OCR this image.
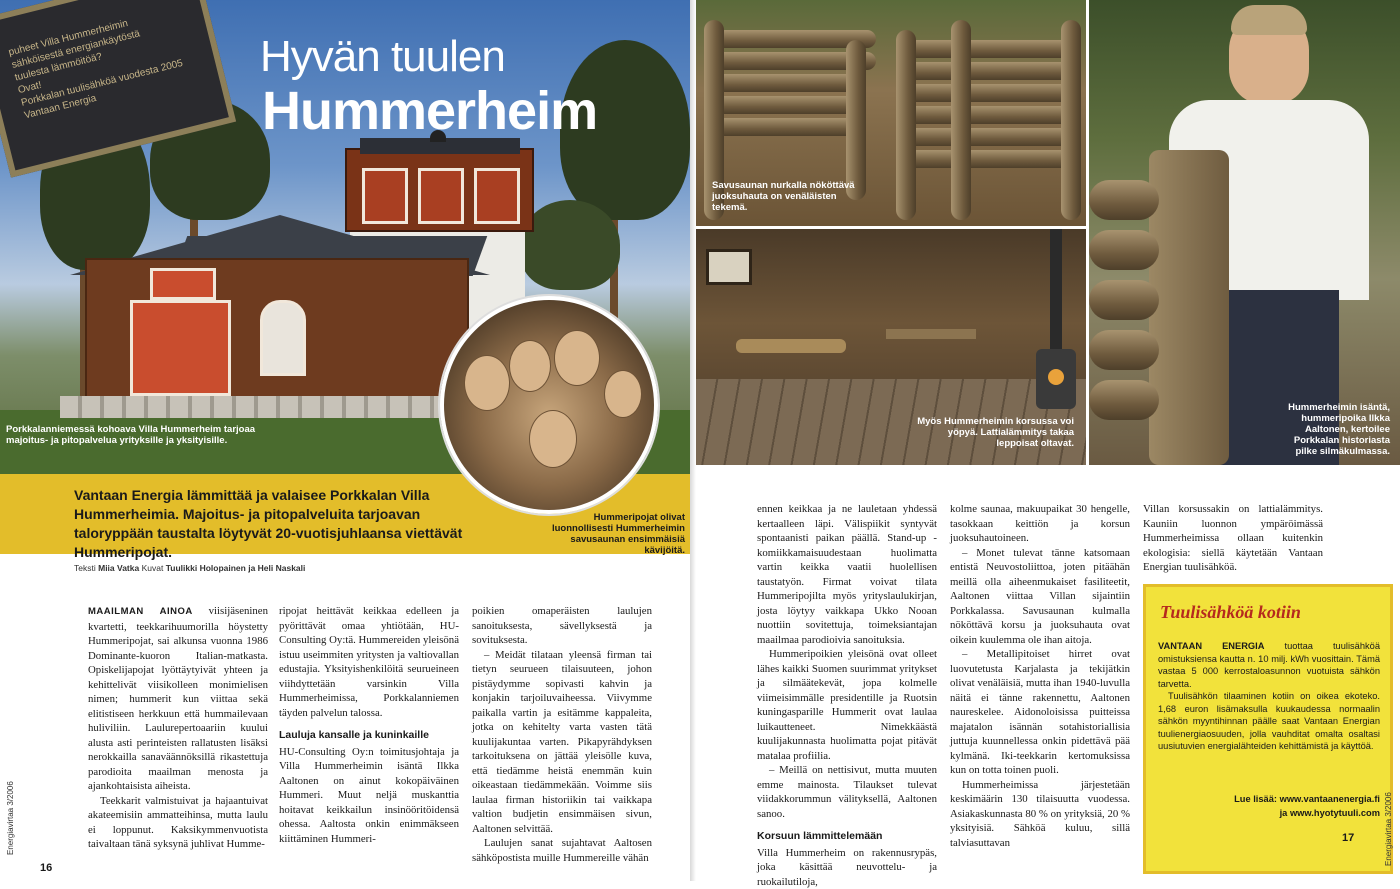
puheet Villa Hummerheimin
sähköisestä energiankäytöstä
tuulesta lämmöitöä?
Ovat!
Porkkalan tuulisähköä vuodesta 2005
Vantaan Energia
Hyvän tuulen
Hummerheim
Porkkalanniemessä kohoava Villa Hummerheim tarjoaa majoitus- ja pitopalvelua yrityksille ja yksityisille.
Vantaan Energia lämmittää ja valaisee Porkkalan Villa Hummerheimia. Majoitus- ja pitopalveluita tarjoavan taloryppään taustalta löytyvät 20-vuotisjuhlaansa viettävät Hummeripojat.
Hummeripojat olivat luonnollisesti Hummerheimin savusaunan ensimmäisiä kävijöitä.
Teksti Miia Vatka Kuvat Tuulikki Holopainen ja Heli Naskali

MAAILMAN AINOA viisijäseninen kvartetti, teekkarihuumorilla höystetty Hummeripojat, sai alkunsa vuonna 1986 Dominante-kuoron Italian-matkasta. Opiskelijapojat lyöttäytyivät yhteen ja kehittelivät viisikolleen monimielisen nimen; hummerit kun viittaa sekä elitistiseen herkkuun että hummailevaan huliviliin. Laulurepertoaariin kuului alusta asti perinteisten rallatusten lisäksi nerokkailla sanaväännöksillä rikastettuja parodioita maailman menosta ja ajankohtaisista aiheista.

Teekkarit valmistuivat ja hajaantuivat akateemisiin ammatteihinsa, mutta laulu ei loppunut. Kaksikymmenvuotista taivaltaan tänä syksynä juhlivat Humme-

ripojat heittävät keikkaa edelleen ja pyörittävät omaa yhtiötään, HU-Consulting Oy:tä. Hummereiden yleisönä istuu useimmiten yritysten ja valtiovallan edustajia. Yksityishenkilöitä seurueineen viihdyttetään varsinkin Villa Hummerheimissa, Porkkalanniemen täyden palvelun talossa.

Lauluja kansalle ja kuninkaille

HU-Consulting Oy:n toimitusjohtaja ja Villa Hummerheimin isäntä Ilkka Aaltonen on ainut kokopäiväinen Hummeri. Muut neljä muskanttia hoitavat keikkailun insinööritöidensä ohessa. Aaltosta onkin enimmäkseen kiittäminen Hummeri-

poikien omaperäisten laulujen sanoituksesta, sävellyksestä ja sovituksesta.

– Meidät tilataan yleensä firman tai tietyn seurueen tilaisuuteen, johon pistäydymme sopivasti kahvin ja konjakin tarjoiluvaiheessa. Viivymme paikalla vartin ja esitämme kappaleita, jotka on kehitelty varta vasten tätä kuulijakuntaa varten. Pikapyrähdyksen tarkoituksena on jättää yleisölle kuva, että tiedämme heistä enemmän kuin oikeastaan tiedämmekään. Voimme siis laulaa firman historiikin tai vaikkapa valtion budjetin ensimmäisen sivun, Aaltonen selvittää.

Laulujen sanat sujahtavat Aaltosen sähköpostista muille Hummereille vähän

16
Energiavirtaa 3/2006
Savusaunan nurkalla nököttävä juoksuhauta on venäläisten tekemä.
Myös Hummerheimin korsussa voi yöpyä. Lattialämmitys takaa leppoisat oltavat.
Hummerheimin isäntä, hummeripoika Ilkka Aaltonen, kertoilee Porkkalan historiasta pilke silmäkulmassa.

ennen keikkaa ja ne lauletaan yhdessä kertaalleen läpi. Välispiikit syntyvät spontaanisti paikan päällä. Stand-up -komiikkamaisuudestaan huolimatta vartin keikka vaatii huolellisen taustatyön. Firmat voivat tilata Hummeripojilta myös yrityslaulukirjan, josta löytyy vaikkapa Ukko Nooan nuottiin sovitettuja, toimeksiantajan maailmaa parodioivia sanoituksia.

Hummeripoikien yleisönä ovat olleet lähes kaikki Suomen suurimmat yritykset ja silmäätekevät, jopa kolmelle viimeisimmälle presidentille ja Ruotsin kuningasparille Hummerit ovat laulaa luikautteneet. Nimekkäästä kuulijakunnasta huolimatta pojat pitävät matalaa profiilia.

– Meillä on nettisivut, mutta muuten emme mainosta. Tilaukset tulevat viidakkorummun välityksellä, Aaltonen sanoo.

Korsuun lämmittelemään

Villa Hummerheim on rakennusrypäs, joka käsittää neuvottelu- ja ruokailutiloja,

kolme saunaa, makuupaikat 30 hengelle, tasokkaan keittiön ja korsun juoksuhautoineen.

– Monet tulevat tänne katsomaan entistä Neuvostoliittoa, joten pitäähän meillä olla aiheenmukaiset fasiliteetit, Aaltonen viittaa Villan sijaintiin Porkkalassa. Savusaunan kulmalla nököttävä korsu ja juoksuhauta ovat oikein kuulemma ole ihan aitoja.

– Metallipitoiset hirret ovat luovutetusta Karjalasta ja tekijätkin olivat venäläisiä, mutta ihan 1940-luvulla näitä ei tänne rakennettu, Aaltonen naureskelee. Aidonoloisissa puitteissa majatalon isännän sotahistoriallisia juttuja kuunnellessa onkin pidettävä pää kylmänä. Iki-teekkarin kertomuksissa kun on totta toinen puoli.

Hummerheimissa järjestetään keskimäärin 130 tilaisuutta vuodessa. Asiakaskunnasta 80 % on yrityksiä, 20 % yksityisiä. Sähköä kuluu, sillä talviasuttavan

Villan korsussakin on lattialämmitys. Kauniin luonnon ympäröimässä Hummerheimissa ollaan kuitenkin ekologisia: siellä käytetään Vantaan Energian tuulisähköä.

Tuulisähköä kotiin

VANTAAN ENERGIA tuottaa tuulisähköä omistuksiensa kautta n. 10 milj. kWh vuosittain. Tämä vastaa 5 000 kerrostaloasunnon vuotuista sähkön tarvetta.

Tuulisähkön tilaaminen kotiin on oikea ekoteko. 1,68 euron lisämaksulla kuukaudessa normaalin sähkön myyntihinnan päälle saat Vantaan Energian tuulienergiaosuuden, jolla vauhditat omalta osaltasi uusiutuvien energialähteiden kehittämistä ja käyttöä.

Lue lisää: www.vantaanenergia.fi
ja www.hyotytuuli.com
17	Energiavirtaa 3/2006
